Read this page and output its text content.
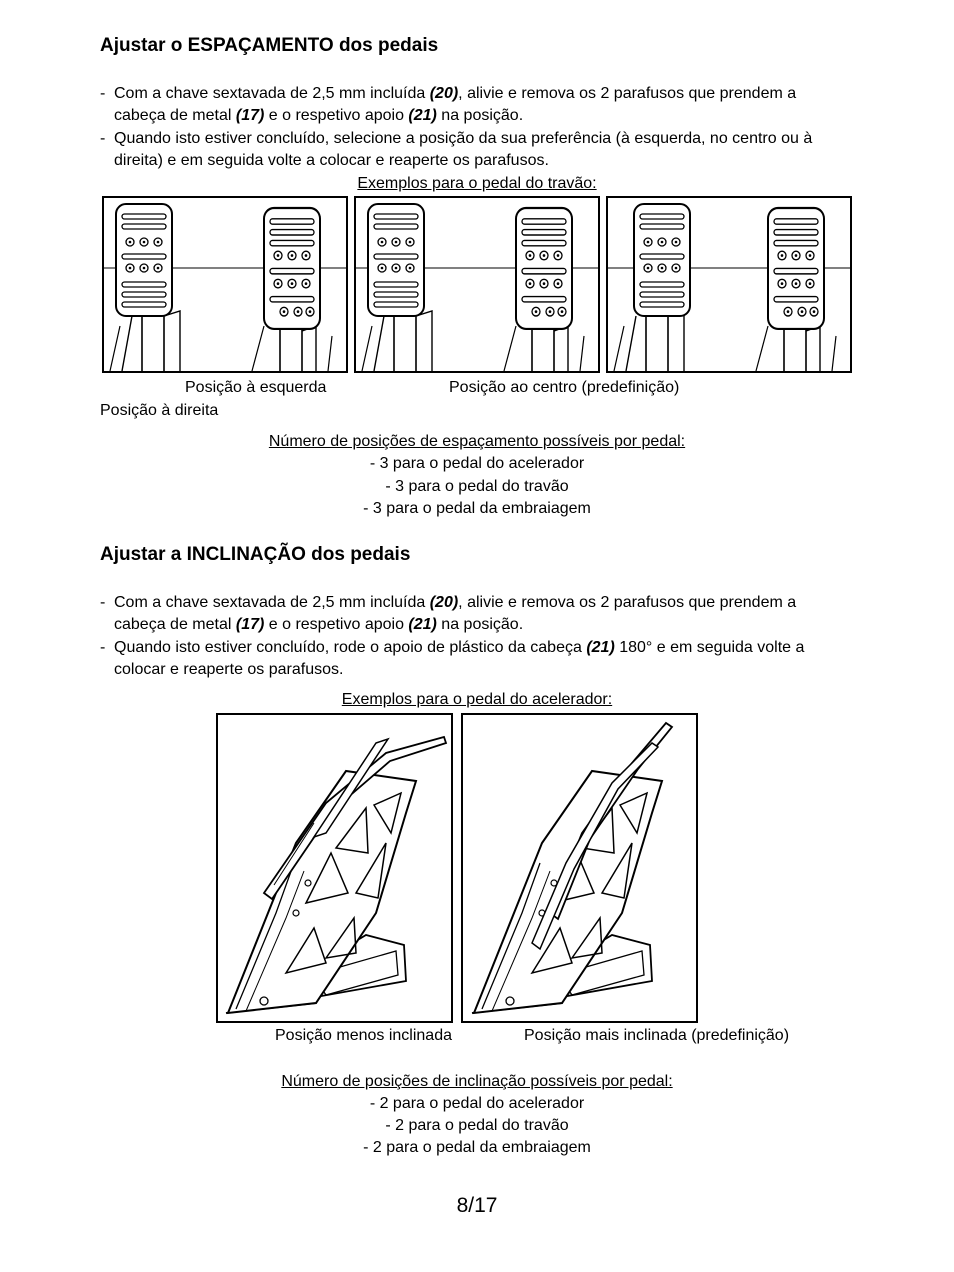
Ajustar o ESPAÇAMENTO dos pedais
- Com a chave sextavada de 2,5 mm incluída (20), alivie e remova os 2 parafusos que prendem a cabeça de metal (17) e o respetivo apoio (21) na posição.
- Quando isto estiver concluído, selecione a posição da sua preferência (à esquerda, no centro ou à direita) e em seguida volte a colocar e reaperte os parafusos.
Exemplos para o pedal do travão:
Posição à esquerda	Posição ao centro (predefinição)
Posição à direita
Número de posições de espaçamento possíveis por pedal:
- 3 para o pedal do acelerador
- 3 para o pedal do travão
- 3 para o pedal da embraiagem
Ajustar a INCLINAÇÃO dos pedais
- Com a chave sextavada de 2,5 mm incluída (20), alivie e remova os 2 parafusos que prendem a cabeça de metal (17) e o respetivo apoio (21) na posição.
- Quando isto estiver concluído, rode o apoio de plástico da cabeça (21) 180° e em seguida volte a colocar e reaperte os parafusos.
Exemplos para o pedal do acelerador:
Posição menos inclinada	Posição mais inclinada (predefinição)
Número de posições de inclinação possíveis por pedal:
- 2 para o pedal do acelerador
- 2 para o pedal do travão
- 2 para o pedal da embraiagem
8/17
